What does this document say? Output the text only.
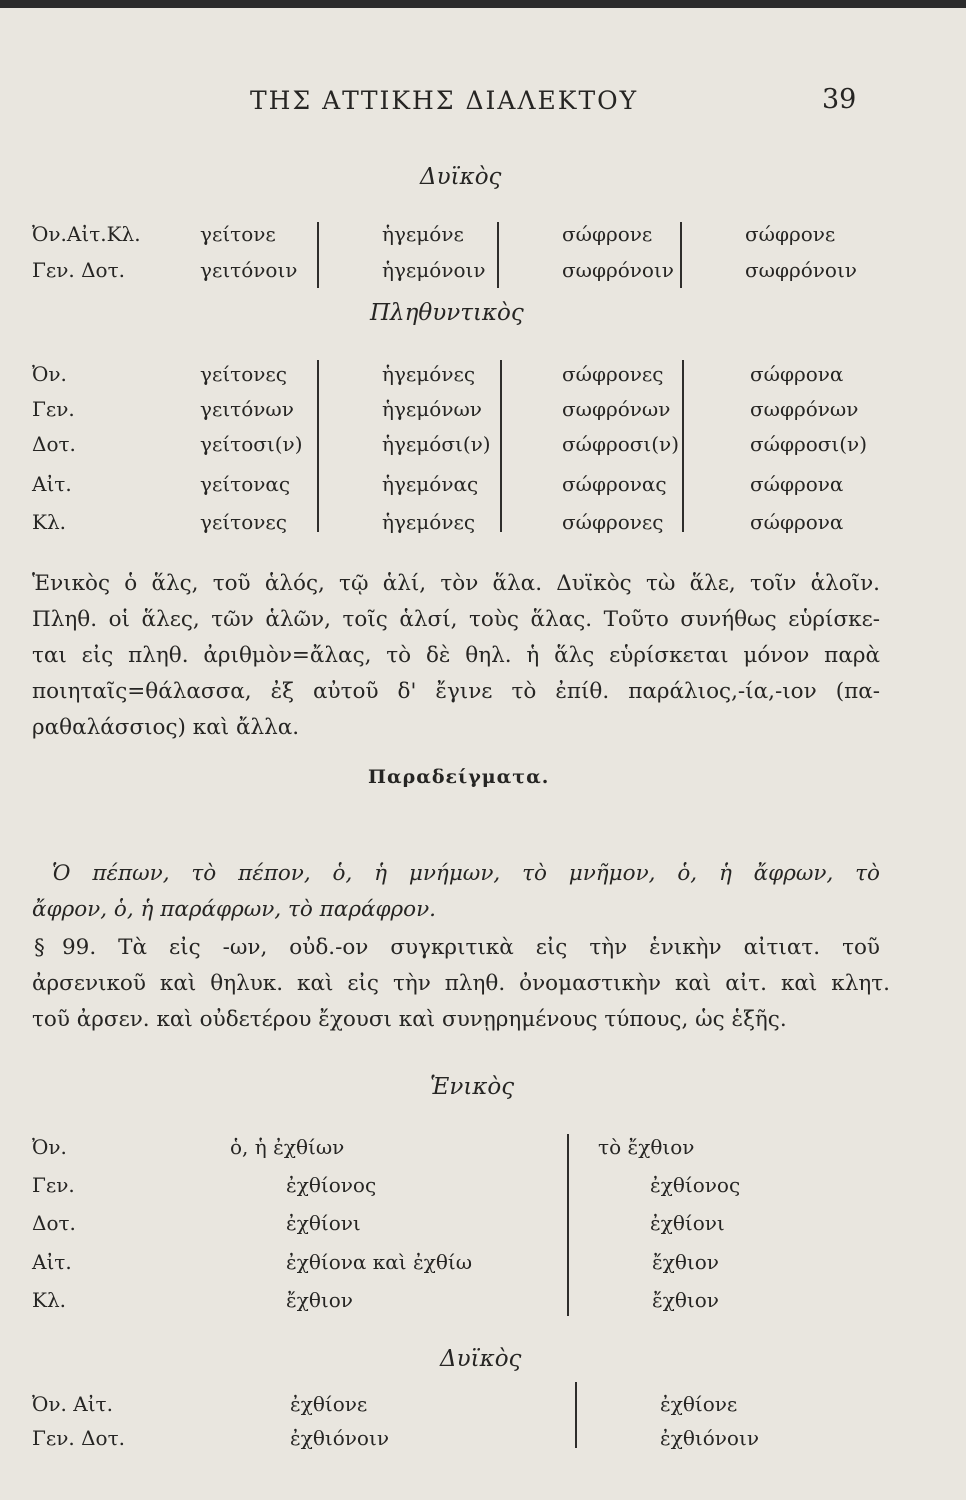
ΤΗΣ ΑΤΤΙΚΗΣ ΔΙΑΛΕΚΤΟΥ	39
Δυϊκὸς
Ὀν.Αἰτ.Κλ.	γείτονε	ἡγεμόνε	σώφρονε	σώφρονε
Γεν. Δοτ.	γειτόνοιν	ἡγεμόνοιν	σωφρόνοιν	σωφρόνοιν
Πληθυντικὸς
Ὀν.	γείτονες	ἡγεμόνες	σώφρονες	σώφρονα
Γεν.	γειτόνων	ἡγεμόνων	σωφρόνων	σωφρόνων
Δοτ.	γείτοσι(ν)	ἡγεμόσι(ν)	σώφροσι(ν)	σώφροσι(ν)
Αἰτ.	γείτονας	ἡγεμόνας	σώφρονας	σώφρονα
Κλ.	γείτονες	ἡγεμόνες	σώφρονες	σώφρονα
Ἑνικὸς ὁ ἅλς, τοῦ ἁλός, τῷ ἁλί, τὸν ἅλα. Δυϊκὸς τὼ ἅλε, τοῖν ἁλοῖν.
Πληθ. οἱ ἅλες, τῶν ἁλῶν, τοῖς ἁλσί, τοὺς ἅλας. Τοῦτο συνήθως εὑρίσκε-
ται εἰς πληθ. ἀριθμὸν=ἄλας, τὸ δὲ θηλ. ἡ ἅλς εὑρίσκεται μόνον παρὰ
ποιηταῖς=θάλασσα, ἐξ αὐτοῦ δ' ἔγινε τὸ ἐπίθ. παράλιος,-ία,-ιον (πα-
ραθαλάσσιος) καὶ ἄλλα.
Παραδείγματα.
Ὁ πέπων, τὸ πέπον, ὁ, ἡ μνήμων, τὸ μνῆμον, ὁ, ἡ ἄφρων, τὸ
ἄφρον, ὁ, ἡ παράφρων, τὸ παράφρον.
§ 99. Τὰ εἰς -ων, οὐδ.-ον συγκριτικὰ εἰς τὴν ἑνικὴν αἰτιατ. τοῦ
ἀρσενικοῦ καὶ θηλυκ. καὶ εἰς τὴν πληθ. ὀνομαστικὴν καὶ αἰτ. καὶ κλητ.
τοῦ ἀρσεν. καὶ οὐδετέρου ἔχουσι καὶ συνῃρημένους τύπους, ὡς ἑξῆς.
Ἑνικὸς
Ὀν.	ὁ, ἡ ἐχθίων	τὸ ἔχθιον
Γεν.	ἐχθίονος	ἐχθίονος
Δοτ.	ἐχθίονι	ἐχθίονι
Αἰτ.	ἐχθίονα καὶ ἐχθίω	ἔχθιον
Κλ.	ἔχθιον	ἔχθιον
Δυϊκὸς
Ὀν. Αἰτ.	ἐχθίονε	ἐχθίονε
Γεν. Δοτ.	ἐχθιόνοιν	ἐχθιόνοιν
